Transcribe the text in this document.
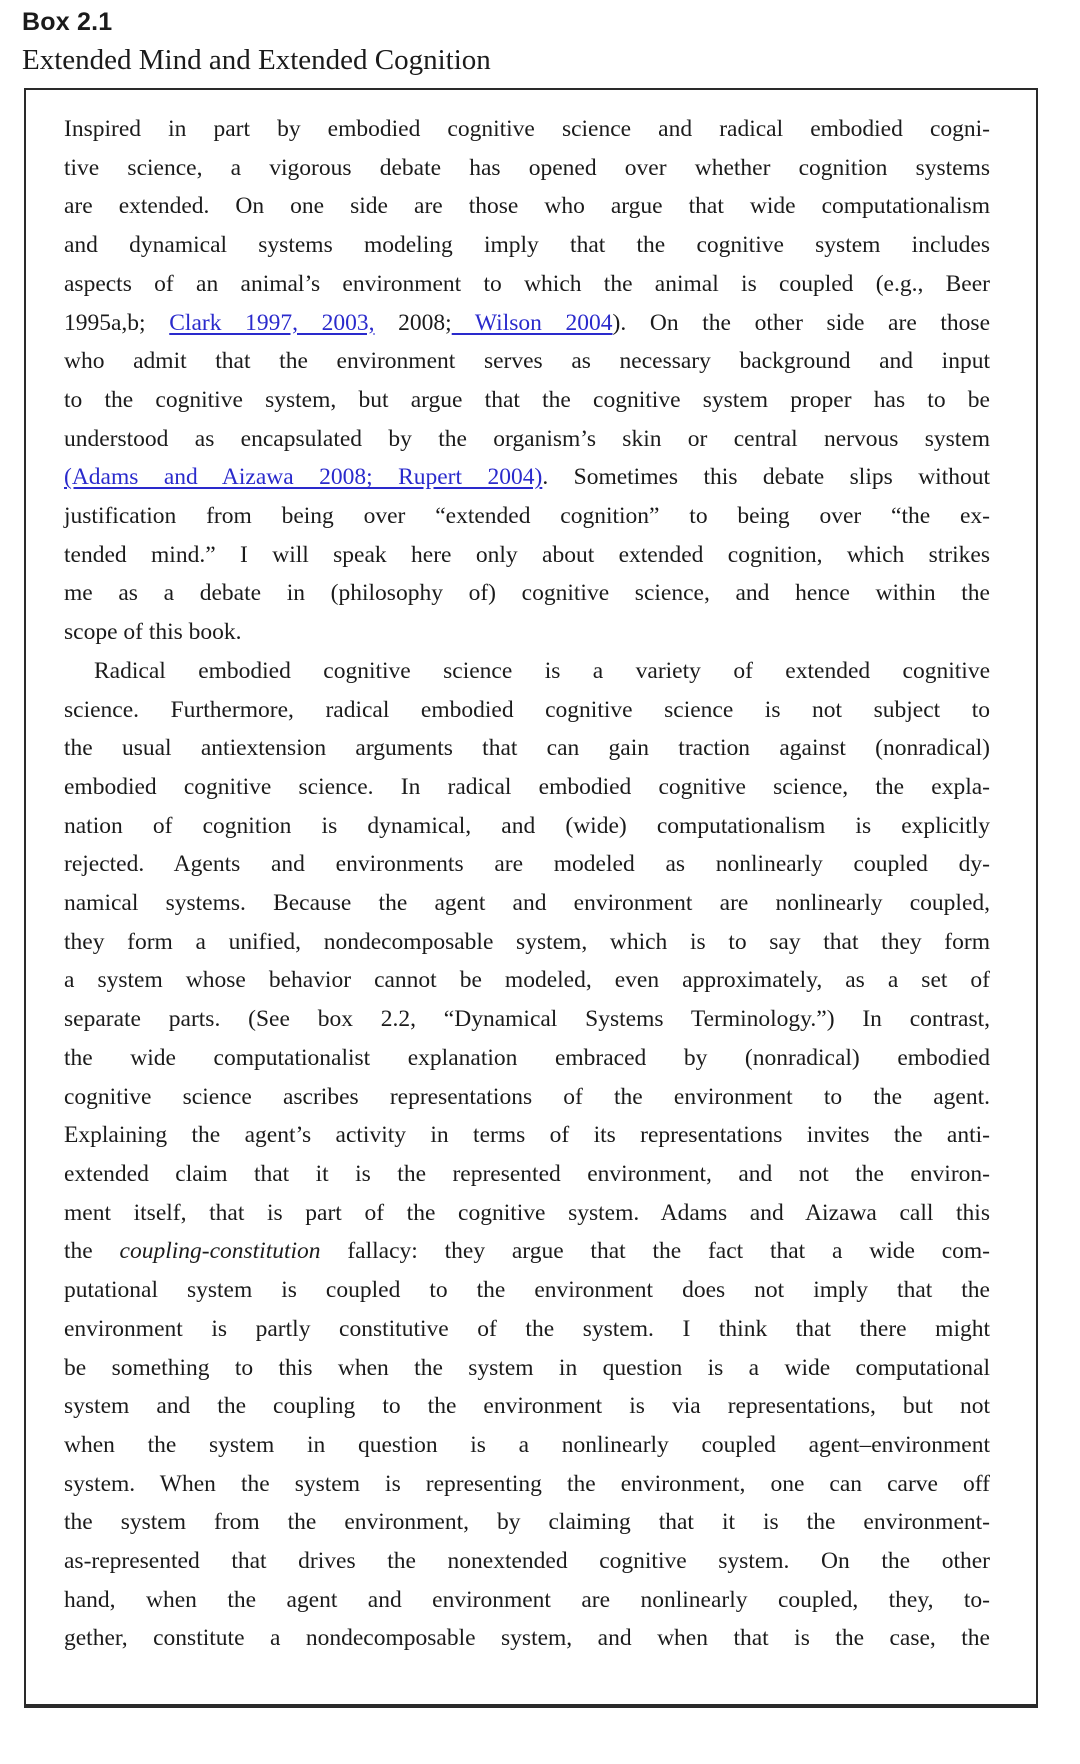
Box 2.1
Extended Mind and Extended Cognition
Inspired in part by embodied cognitive science and radical embodied cogni-
tive science, a vigorous debate has opened over whether cognition systems
are extended. On one side are those who argue that wide computationalism
and dynamical systems modeling imply that the cognitive system includes
aspects of an animal’s environment to which the animal is coupled (e.g., Beer
1995a,b; Clark 1997, 2003, 2008; Wilson 2004). On the other side are those
who admit that the environment serves as necessary background and input
to the cognitive system, but argue that the cognitive system proper has to be
understood as encapsulated by the organism’s skin or central nervous system
(Adams and Aizawa 2008; Rupert 2004). Sometimes this debate slips without
justification from being over “extended cognition” to being over “the ex-
tended mind.” I will speak here only about extended cognition, which strikes
me as a debate in (philosophy of) cognitive science, and hence within the
scope of this book.
Radical embodied cognitive science is a variety of extended cognitive
science. Furthermore, radical embodied cognitive science is not subject to
the usual antiextension arguments that can gain traction against (nonradical)
embodied cognitive science. In radical embodied cognitive science, the expla-
nation of cognition is dynamical, and (wide) computationalism is explicitly
rejected. Agents and environments are modeled as nonlinearly coupled dy-
namical systems. Because the agent and environment are nonlinearly coupled,
they form a unified, nondecomposable system, which is to say that they form
a system whose behavior cannot be modeled, even approximately, as a set of
separate parts. (See box 2.2, “Dynamical Systems Terminology.”) In contrast,
the wide computationalist explanation embraced by (nonradical) embodied
cognitive science ascribes representations of the environment to the agent.
Explaining the agent’s activity in terms of its representations invites the anti-
extended claim that it is the represented environment, and not the environ-
ment itself, that is part of the cognitive system. Adams and Aizawa call this
the coupling-constitution fallacy: they argue that the fact that a wide com-
putational system is coupled to the environment does not imply that the
environment is partly constitutive of the system. I think that there might
be something to this when the system in question is a wide computational
system and the coupling to the environment is via representations, but not
when the system in question is a nonlinearly coupled agent–environment
system. When the system is representing the environment, one can carve off
the system from the environment, by claiming that it is the environment-
as-represented that drives the nonextended cognitive system. On the other
hand, when the agent and environment are nonlinearly coupled, they, to-
gether, constitute a nondecomposable system, and when that is the case, the
